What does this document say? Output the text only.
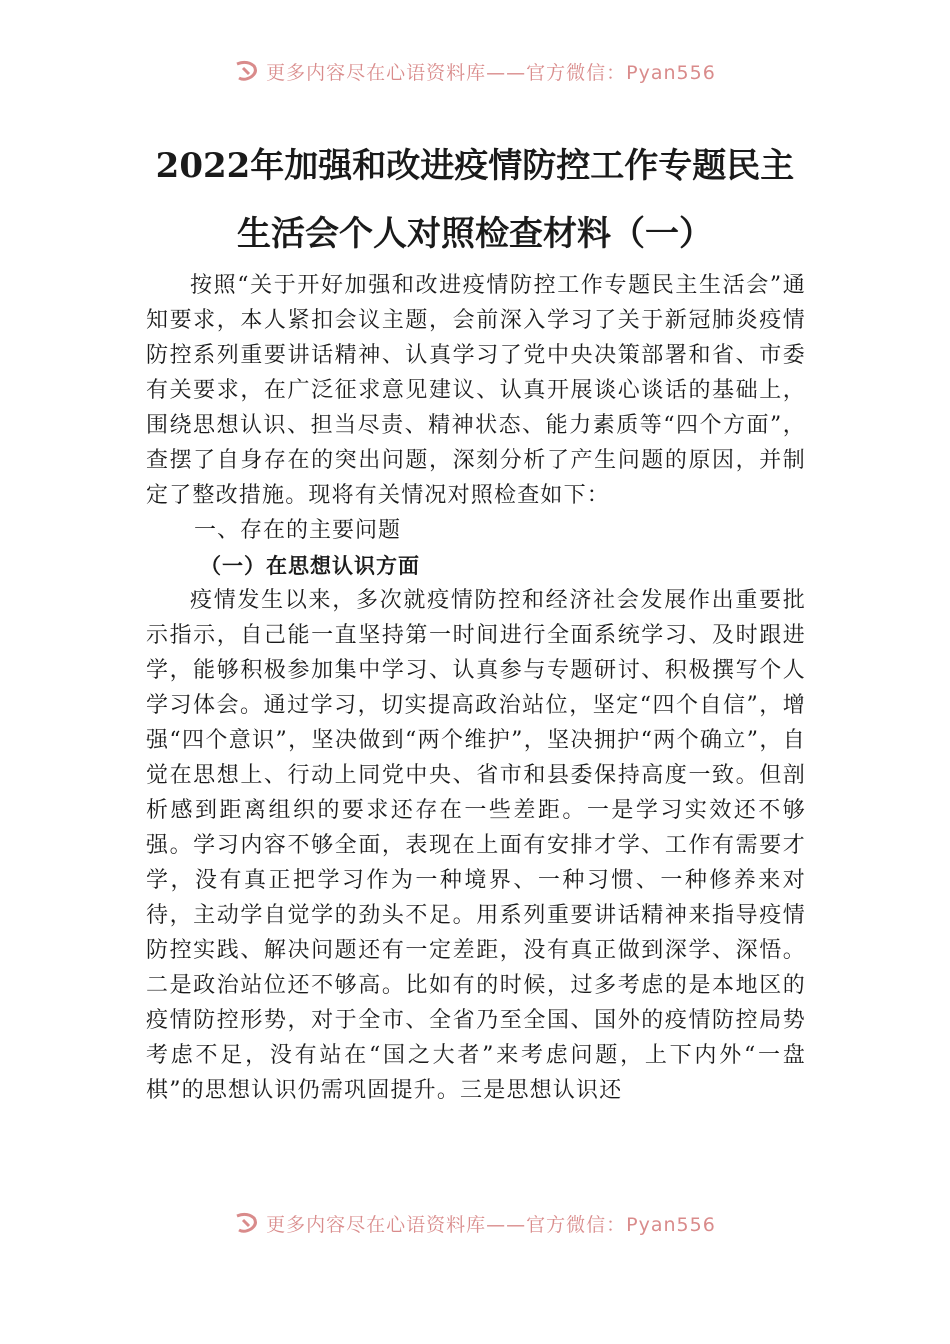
更多内容尽在心语资料库——官方微信：Pyan556
2022年加强和改进疫情防控工作专题民主
生活会个人对照检查材料（一）

按照“关于开好加强和改进疫情防控工作专题民主生活会”通知要求，本人紧扣会议主题，会前深入学习了关于新冠肺炎疫情防控系列重要讲话精神、认真学习了党中央决策部署和省、市委有关要求，在广泛征求意见建议、认真开展谈心谈话的基础上，围绕思想认识、担当尽责、精神状态、能力素质等“四个方面”，查摆了自身存在的突出问题，深刻分析了产生问题的原因，并制定了整改措施。现将有关情况对照检查如下：

一、存在的主要问题

（一）在思想认识方面

疫情发生以来，多次就疫情防控和经济社会发展作出重要批示指示，自己能一直坚持第一时间进行全面系统学习、及时跟进学，能够积极参加集中学习、认真参与专题研讨、积极撰写个人学习体会。通过学习，切实提高政治站位，坚定“四个自信”，增强“四个意识”，坚决做到“两个维护”，坚决拥护“两个确立”，自觉在思想上、行动上同党中央、省市和县委保持高度一致。但剖析感到距离组织的要求还存在一些差距。一是学习实效还不够强。学习内容不够全面，表现在上面有安排才学、工作有需要才学，没有真正把学习作为一种境界、一种习惯、一种修养来对待，主动学自觉学的劲头不足。用系列重要讲话精神来指导疫情防控实践、解决问题还有一定差距，没有真正做到深学、深悟。二是政治站位还不够高。比如有的时候，过多考虑的是本地区的疫情防控形势，对于全市、全省乃至全国、国外的疫情防控局势考虑不足，没有站在“国之大者”来考虑问题，上下内外“一盘棋”的思想认识仍需巩固提升。三是思想认识还

更多内容尽在心语资料库——官方微信：Pyan556
